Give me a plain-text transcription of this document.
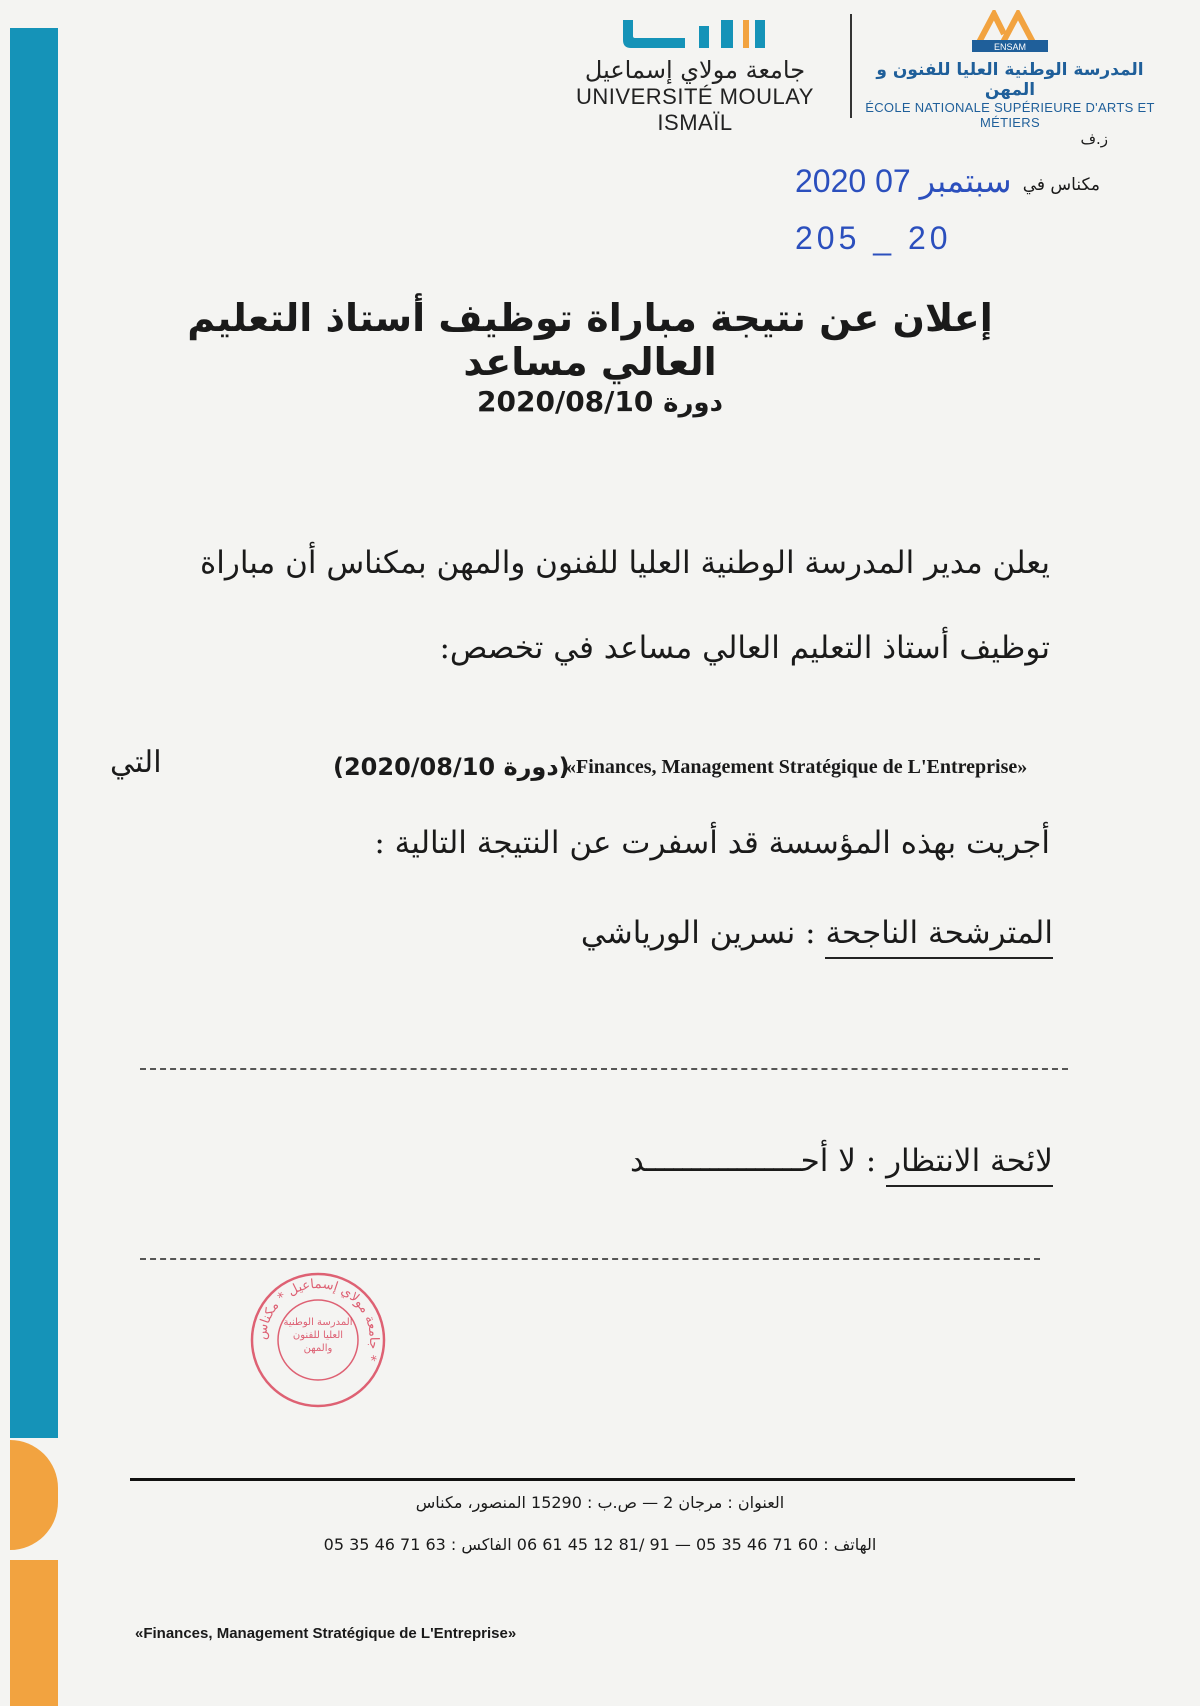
جامعة مولاي إسماعيل
UNIVERSITÉ MOULAY ISMAÏL
ENSAM
المدرسة الوطنية العليا للفنون و المهن
ÉCOLE NATIONALE SUPÉRIEURE D'ARTS ET MÉTIERS
ز.ف
مكناس في
2020 سبتمبر 07
205 _ 20
إعلان عن نتيجة مباراة توظيف أستاذ التعليم العالي مساعد
دورة 2020/08/10
يعلن مدير المدرسة الوطنية العليا للفنون والمهن بمكناس أن مباراة
توظيف أستاذ التعليم العالي مساعد في تخصص:
«Finances, Management Stratégique de L'Entreprise»
(دورة 2020/08/10)
التي
أجريت بهذه المؤسسة قد أسفرت عن النتيجة التالية :
المترشحة الناجحة : نسرين الورياشي
لائحة الانتظار : لا أحـــــــــــــــــد
جامعة مولاي إسماعيل * مكناس *
المدرسة الوطنية العليا للفنون والمهن
العنوان : مرجان 2 — ص.ب : 15290 المنصور، مكناس
الهاتف : 60 71 46 35 05 — 91 /81 12 45 61 06 الفاكس : 63 71 46 35 05
«Finances, Management Stratégique de L'Entreprise»
